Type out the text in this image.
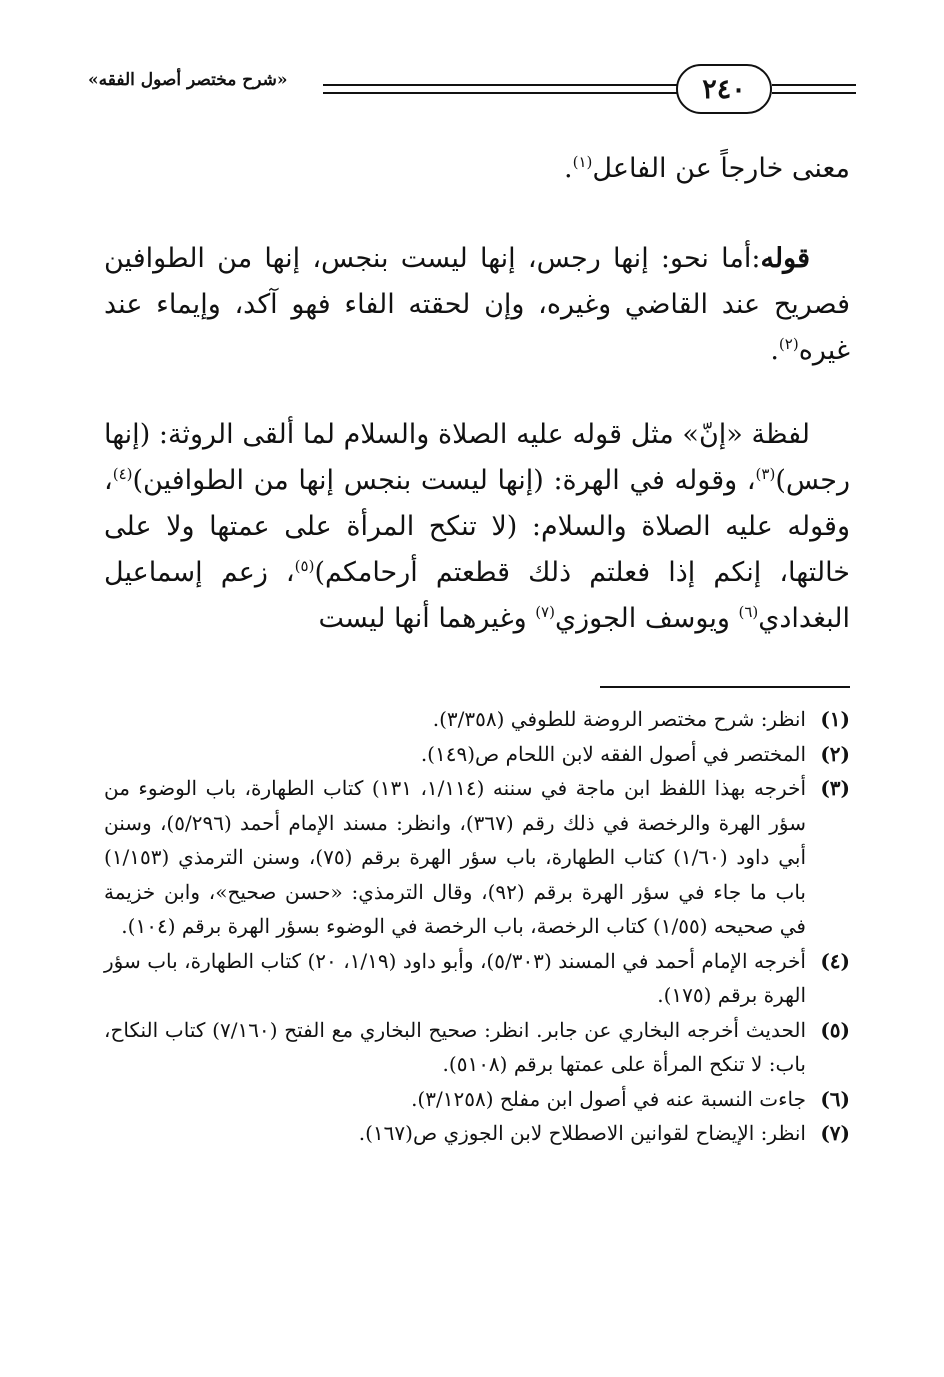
«شرح مختصر أصول الفقه»	٢٤٠
معنى خارجاً عن الفاعل$^{(١)}$.
قوله:أما نحو: إنها رجس، إنها ليست بنجس، إنها من الطوافين فصريح عند القاضي وغيره، وإن لحقته الفاء فهو آكد، وإيماء عند غيره$^{(٢)}$.
لفظة «إنّ» مثل قوله عليه الصلاة والسلام لما ألقى الروثة: (إنها رجس)$^{(٣)}$، وقوله في الهرة: (إنها ليست بنجس إنها من الطوافين)$^{(٤)}$، وقوله عليه الصلاة والسلام: (لا تنكح المرأة على عمتها ولا على خالتها، إنكم إذا فعلتم ذلك قطعتم أرحامكم)$^{(٥)}$، زعم إسماعيل البغدادي$^{(٦)}$ ويوسف الجوزي$^{(٧)}$ وغيرهما أنها ليست
(١)
انظر: شرح مختصر الروضة للطوفي (٣/٣٥٨).
(٢)
المختصر في أصول الفقه لابن اللحام ص(١٤٩).
(٣)
أخرجه بهذا اللفظ ابن ماجة في سننه (١/١١٤، ١٣١) كتاب الطهارة، باب الوضوء من سؤر الهرة والرخصة في ذلك رقم (٣٦٧)، وانظر: مسند الإمام أحمد (٥/٢٩٦)، وسنن أبي داود (١/٦٠) كتاب الطهارة، باب سؤر الهرة برقم (٧٥)، وسنن الترمذي (١/١٥٣) باب ما جاء في سؤر الهرة برقم (٩٢)، وقال الترمذي: «حسن صحيح»، وابن خزيمة في صحيحه (١/٥٥) كتاب الرخصة، باب الرخصة في الوضوء بسؤر الهرة برقم (١٠٤).
(٤)
أخرجه الإمام أحمد في المسند (٥/٣٠٣)، وأبو داود (١/١٩، ٢٠) كتاب الطهارة، باب سؤر الهرة برقم (١٧٥).
(٥)
الحديث أخرجه البخاري عن جابر. انظر: صحيح البخاري مع الفتح (٧/١٦٠) كتاب النكاح، باب: لا تنكح المرأة على عمتها برقم (٥١٠٨).
(٦)
جاءت النسبة عنه في أصول ابن مفلح (٣/١٢٥٨).
(٧)
انظر: الإيضاح لقوانين الاصطلاح لابن الجوزي ص(١٦٧).
